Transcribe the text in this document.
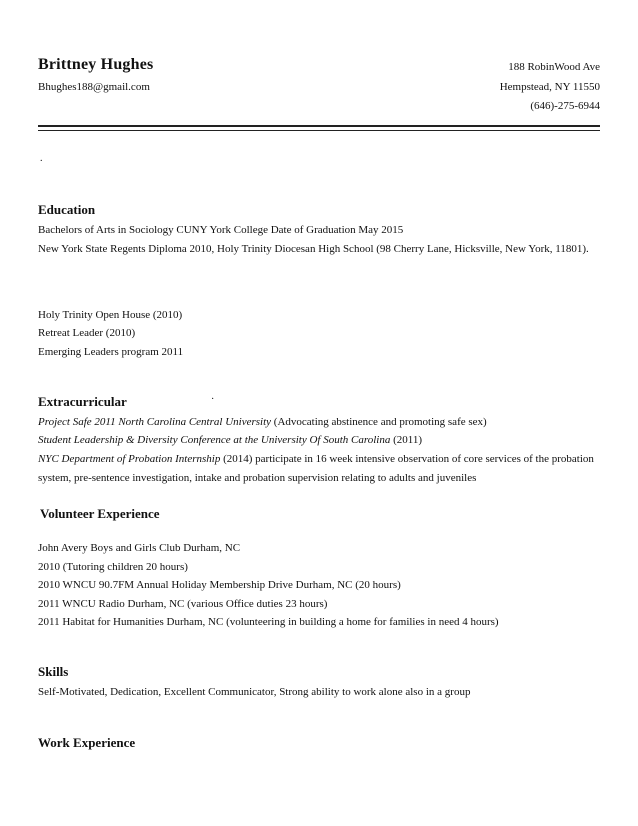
Brittney Hughes
Bhughes188@gmail.com
188 RobinWood Ave
Hempstead, NY 11550
(646)-275-6944
.
Education
Bachelors of Arts in Sociology CUNY York College Date of Graduation May 2015
New York State Regents Diploma 2010, Holy Trinity Diocesan High School (98 Cherry Lane, Hicksville, New York, 11801).
Holy Trinity Open House (2010)
Retreat Leader (2010)
Emerging Leaders program 2011
Extracurricular	·
Project Safe 2011 North Carolina Central University (Advocating abstinence and promoting safe sex)
Student Leadership & Diversity Conference at the University Of South Carolina (2011)
NYC Department of Probation Internship (2014) participate in 16 week intensive observation of core services of the probation
system, pre-sentence investigation, intake and probation supervision relating to adults and juveniles
Volunteer Experience
John Avery Boys and Girls Club Durham, NC
2010 (Tutoring children 20 hours)
2010 WNCU 90.7FM Annual Holiday Membership Drive Durham, NC (20 hours)
2011 WNCU Radio Durham, NC (various Office duties 23 hours)
2011 Habitat for Humanities Durham, NC (volunteering in building a home for families in need 4 hours)
Skills
Self-Motivated, Dedication, Excellent Communicator, Strong ability to work alone also in a group
Work Experience
